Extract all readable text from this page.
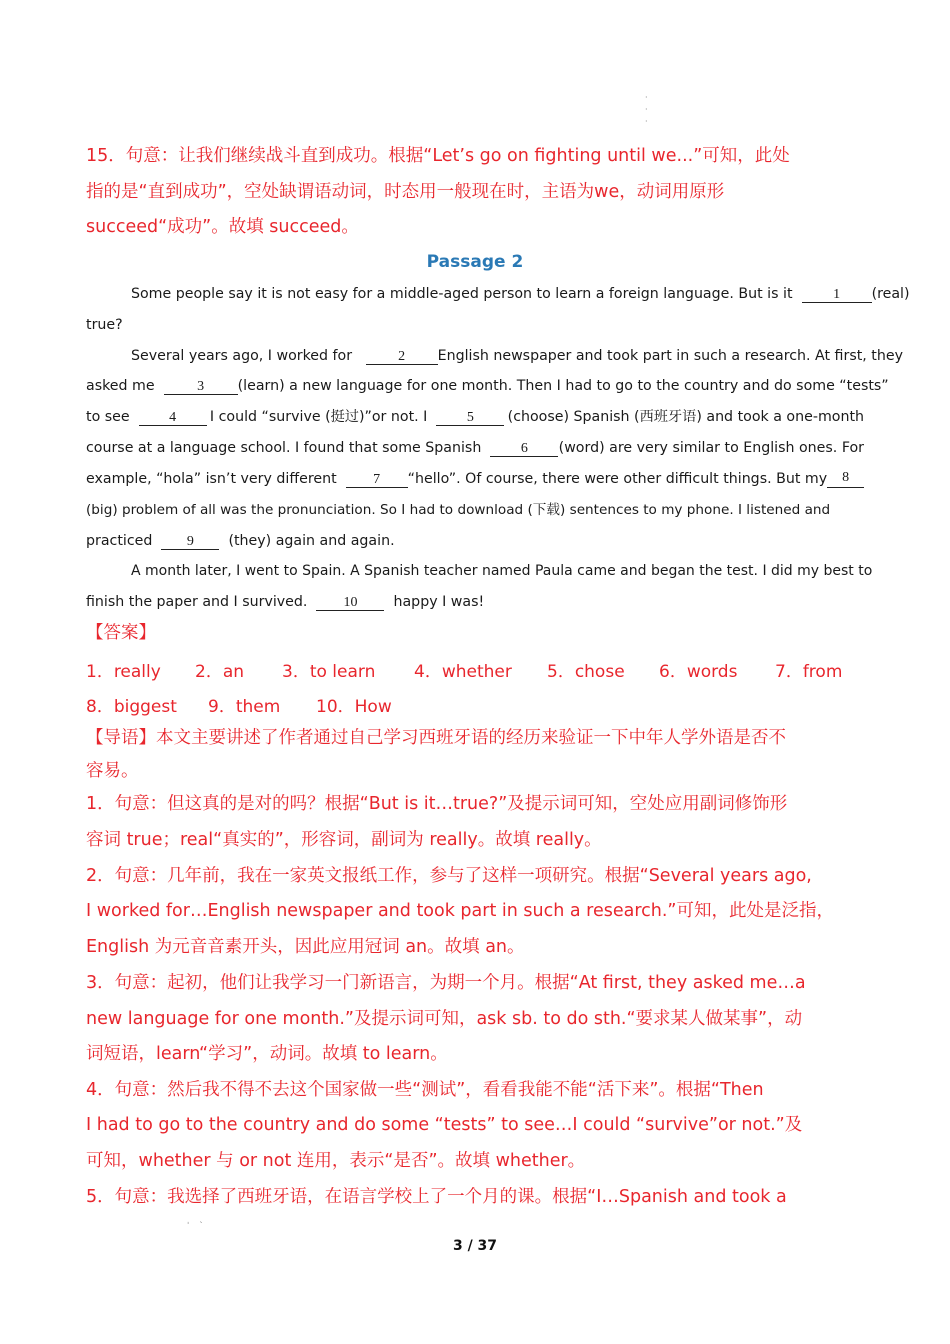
·
·
·
15．句意：让我们继续战斗直到成功。根据“Let’s go on fighting until we...”可知，此处
指的是“直到成功”，空处缺谓语动词，时态用一般现在时，主语为we，动词用原形
succeed“成功”。故填 succeed。
Passage 2
Some people say it is not easy for a middle-aged person to learn a foreign language. But is it	1	(real)
true?
Several years ago, I worked for	2	English newspaper and took part in such a research. At first, they
asked me	3	(learn) a new language for one month. Then I had to go to the country and do some “tests”
to see	4	I could “survive (挺过)”or not. I	5	(choose) Spanish (西班牙语) and took a one-month
course at a language school. I found that some Spanish	6	(word) are very similar to English ones. For
example, “hola” isn’t very different	7	“hello”. Of course, there were other difficult things. But my	8
(big) problem of all was the pronunciation. So I had to download (下载) sentences to my phone. I listened and
practiced 9 (they) again and again.
A month later, I went to Spain. A Spanish teacher named Paula came and began the test. I did my best to
finish the paper and I survived.	10	happy I was!
【答案】
1．really 2．an 3．to learn 4．whether 5．chose 6．words 7．from
8．biggest 9．them 10．How
【导语】本文主要讲述了作者通过自己学习西班牙语的经历来验证一下中年人学外语是否不
容易。
1．句意：但这真的是对的吗？根据“But is it…true?”及提示词可知，空处应用副词修饰形
容词 true；real“真实的”，形容词，副词为 really。故填 really。
2．句意：几年前，我在一家英文报纸工作，参与了这样一项研究。根据“Several years ago,
I worked for…English newspaper and took part in such a research.”可知，此处是泛指，
English 为元音音素开头，因此应用冠词 an。故填 an。
3．句意：起初，他们让我学习一门新语言，为期一个月。根据“At first, they asked me…a
new language for one month.”及提示词可知，ask sb. to do sth.“要求某人做某事”，动
词短语，learn“学习”，动词。故填 to learn。
4．句意：然后我不得不去这个国家做一些“测试”，看看我能不能“活下来”。根据“Then
I had to go to the country and do some “tests” to see…I could “survive”or not.”及
可知，whether 与 or not 连用，表示“是否”。故填 whether。
5．句意：我选择了西班牙语，在语言学校上了一个月的课。根据“I…Spanish and took a
ˈ    ˋ
3 / 37
